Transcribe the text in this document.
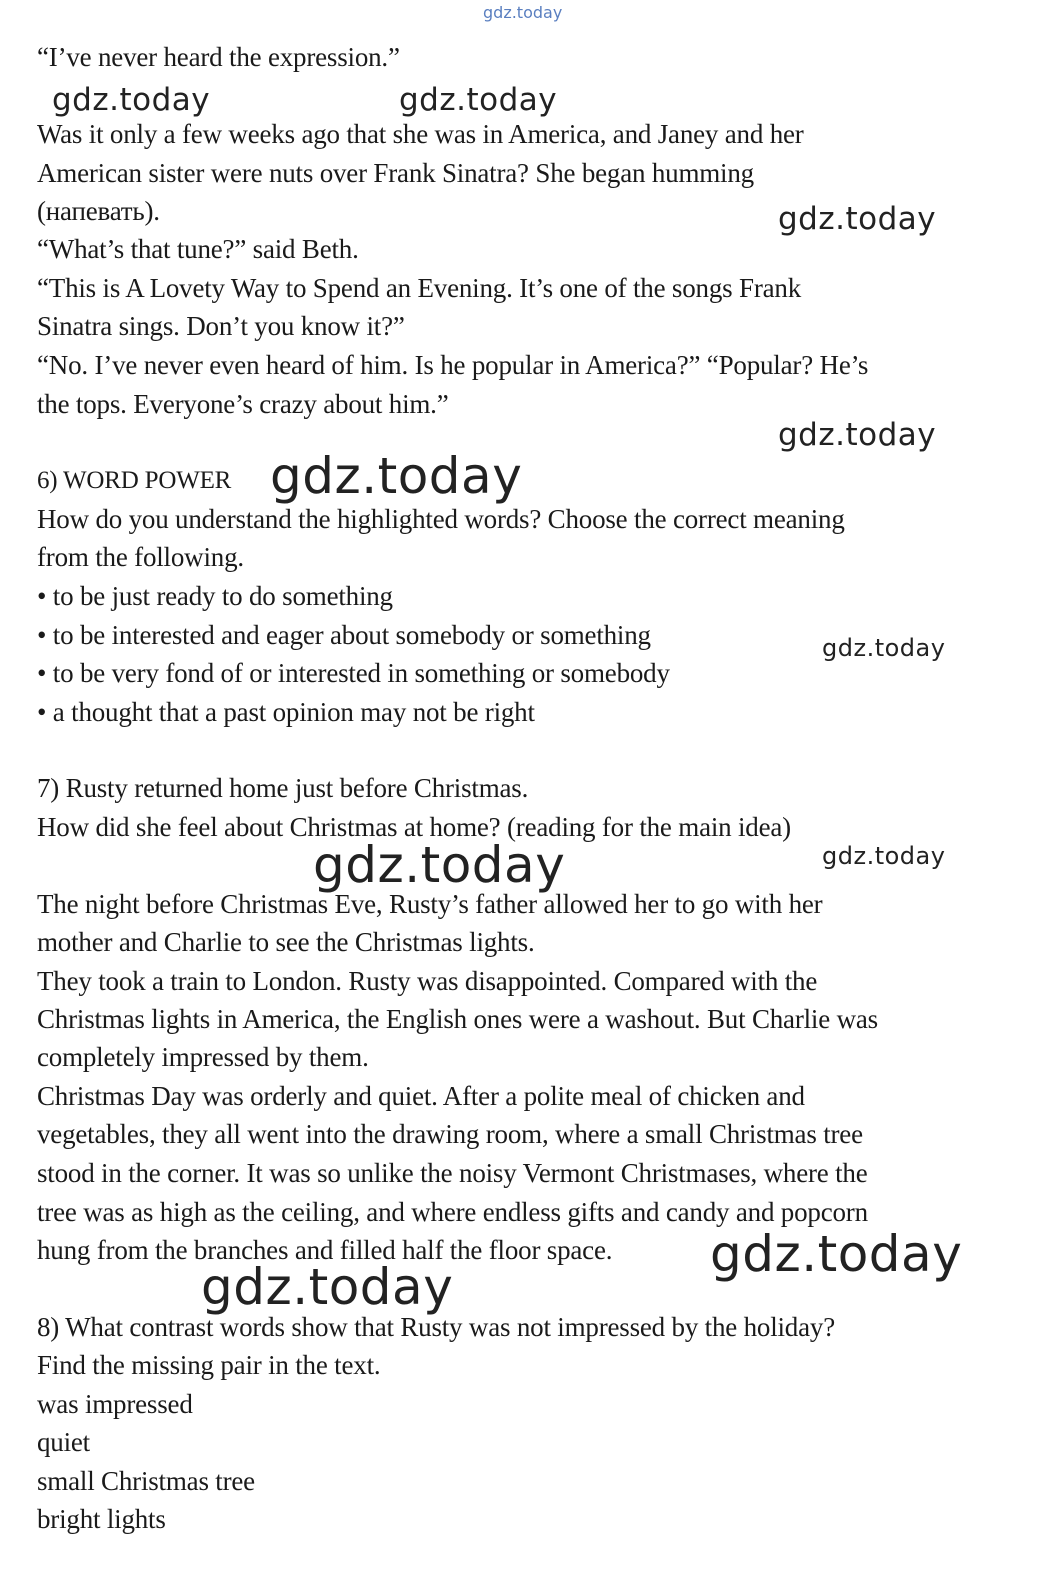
gdz.today
“I’ve never heard the expression.”
Was it only a few weeks ago that she was in America, and Janey and her
American sister were nuts over Frank Sinatra? She began humming
(напевать).
“What’s that tune?” said Beth.
“This is A Lovety Way to Spend an Evening. It’s one of the songs Frank
Sinatra sings. Don’t you know it?”
“No. I’ve never even heard of him. Is he popular in America?” “Popular? He’s
the tops. Everyone’s crazy about him.”
6) WORD POWER
How do you understand the highlighted words? Choose the correct meaning
from the following.
• to be just ready to do something
• to be interested and eager about somebody or something
• to be very fond of or interested in something or somebody
• a thought that a past opinion may not be right
7) Rusty returned home just before Christmas.
How did she feel about Christmas at home? (reading for the main idea)
The night before Christmas Eve, Rusty’s father allowed her to go with her
mother and Charlie to see the Christmas lights.
They took a train to London. Rusty was disappointed. Compared with the
Christmas lights in America, the English ones were a washout. But Charlie was
completely impressed by them.
Christmas Day was orderly and quiet. After a polite meal of chicken and
vegetables, they all went into the drawing room, where a small Christmas tree
stood in the corner. It was so unlike the noisy Vermont Christmases, where the
tree was as high as the ceiling, and where endless gifts and candy and popcorn
hung from the branches and filled half the floor space.
8) What contrast words show that Rusty was not impressed by the holiday?
Find the missing pair in the text.
was impressed
quiet
small Christmas tree
bright lights
gdz.today	gdz.today
gdz.today
gdz.today
gdz.today
gdz.today
gdz.today	gdz.today
gdz.today
gdz.today
